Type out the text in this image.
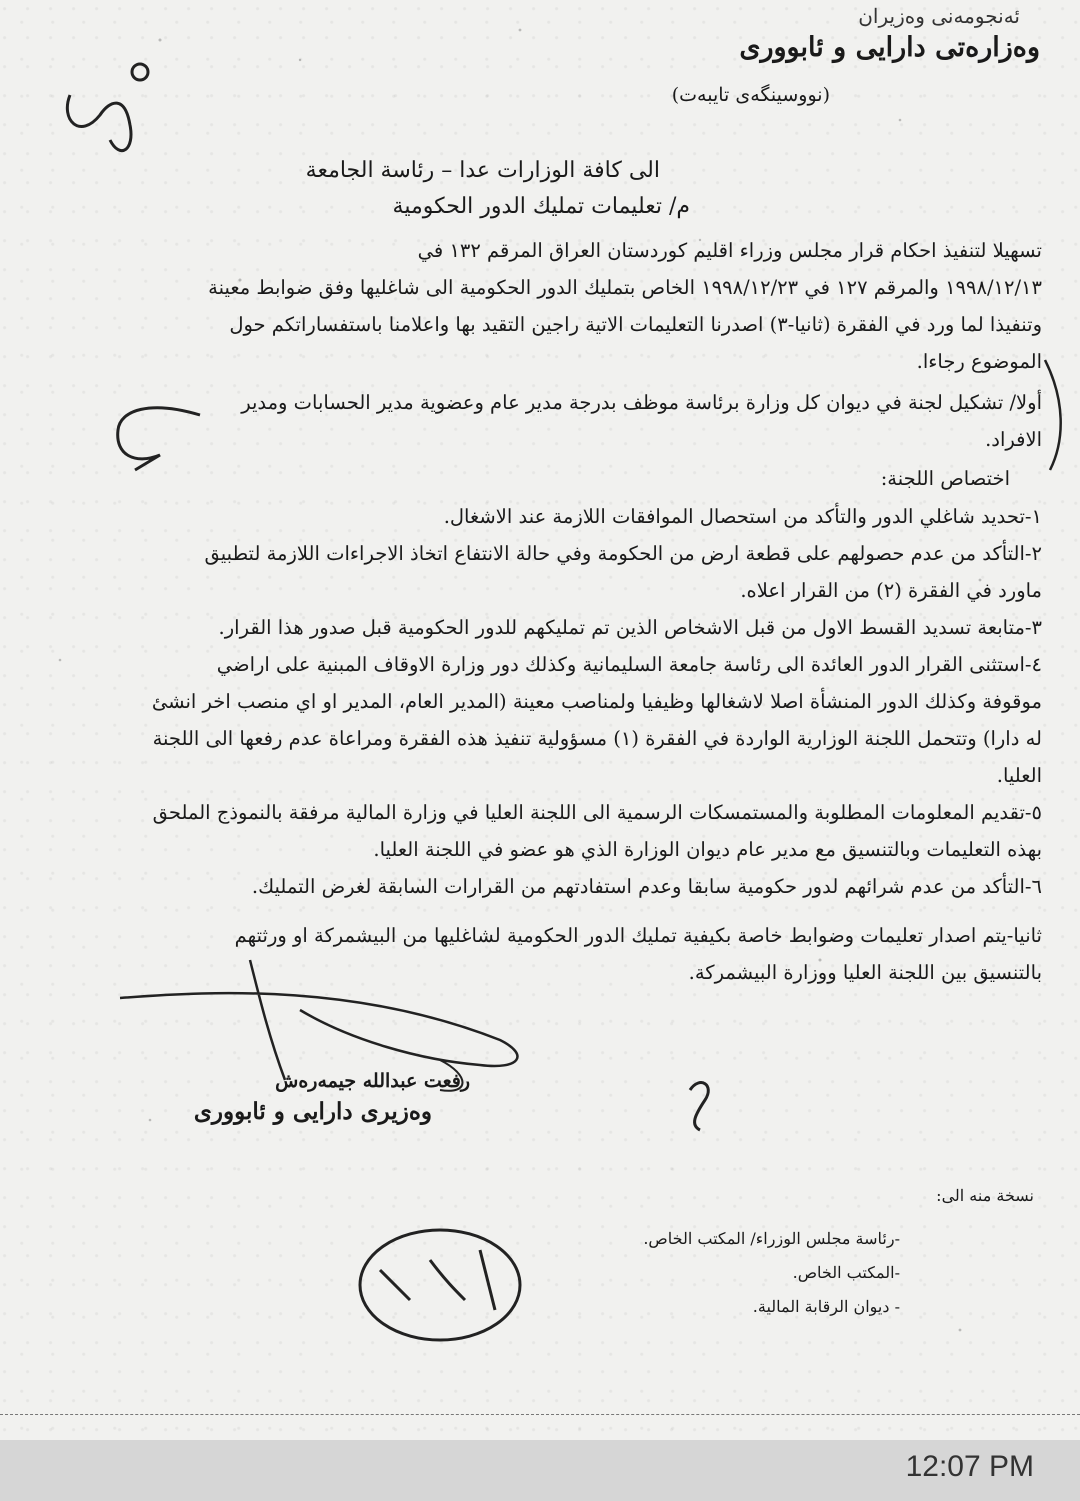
ئەنجومەنی وەزیران
وەزارەتی دارایی و ئابووری
(نووسینگەی تایبەت)
الى كافة الوزارات عدا – رئاسة الجامعة
م/ تعليمات تمليك الدور الحكومية

تسهيلا لتنفيذ احكام قرار مجلس وزراء اقليم كوردستان العراق المرقم ١٣٢ في

١٩٩٨/١٢/١٣ والمرقم ١٢٧ في ١٩٩٨/١٢/٢٣ الخاص بتمليك الدور الحكومية الى شاغليها وفق ضوابط معينة

وتنفيذا لما ورد في الفقرة (ثانيا-٣) اصدرنا التعليمات الاتية راجين التقيد بها واعلامنا باستفساراتكم حول

الموضوع رجاءا.

أولا/ تشكيل لجنة في ديوان كل وزارة برئاسة موظف بدرجة مدير عام وعضوية مدير الحسابات ومدير

الافراد.

اختصاص اللجنة:

١-تحديد شاغلي الدور والتأكد من استحصال الموافقات اللازمة عند الاشغال.

٢-التأكد من عدم حصولهم على قطعة ارض من الحكومة وفي حالة الانتفاع اتخاذ الاجراءات اللازمة لتطبيق

ماورد في الفقرة (٢) من القرار اعلاه.

٣-متابعة تسديد القسط الاول من قبل الاشخاص الذين تم تمليكهم للدور الحكومية قبل صدور هذا القرار.

٤-استثنى القرار الدور العائدة الى رئاسة جامعة السليمانية وكذلك دور وزارة الاوقاف المبنية على اراضي

موقوفة وكذلك الدور المنشأة اصلا لاشغالها وظيفيا ولمناصب معينة (المدير العام، المدير او اي منصب اخر انشئ

له دارا) وتتحمل اللجنة الوزارية الواردة في الفقرة (١) مسؤولية تنفيذ هذه الفقرة ومراعاة عدم رفعها الى اللجنة

العليا.

٥-تقديم المعلومات المطلوبة والمستمسكات الرسمية الى اللجنة العليا في وزارة المالية مرفقة بالنموذج الملحق

بهذه التعليمات وبالتنسيق مع مدير عام ديوان الوزارة الذي هو عضو في اللجنة العليا.

٦-التأكد من عدم شرائهم لدور حكومية سابقا وعدم استفادتهم من القرارات السابقة لغرض التمليك.

ثانيا-يتم اصدار تعليمات وضوابط خاصة بكيفية تمليك الدور الحكومية لشاغليها من البيشمركة او ورثتهم

بالتنسيق بين اللجنة العليا ووزارة البيشمركة.

رفعت عبدالله جيمەرەش
وەزیری دارایی و ئابووری
نسخة منه الى:
-رئاسة مجلس الوزراء/ المكتب الخاص.
-المكتب الخاص.
- ديوان الرقابة المالية.
12:07 PM
